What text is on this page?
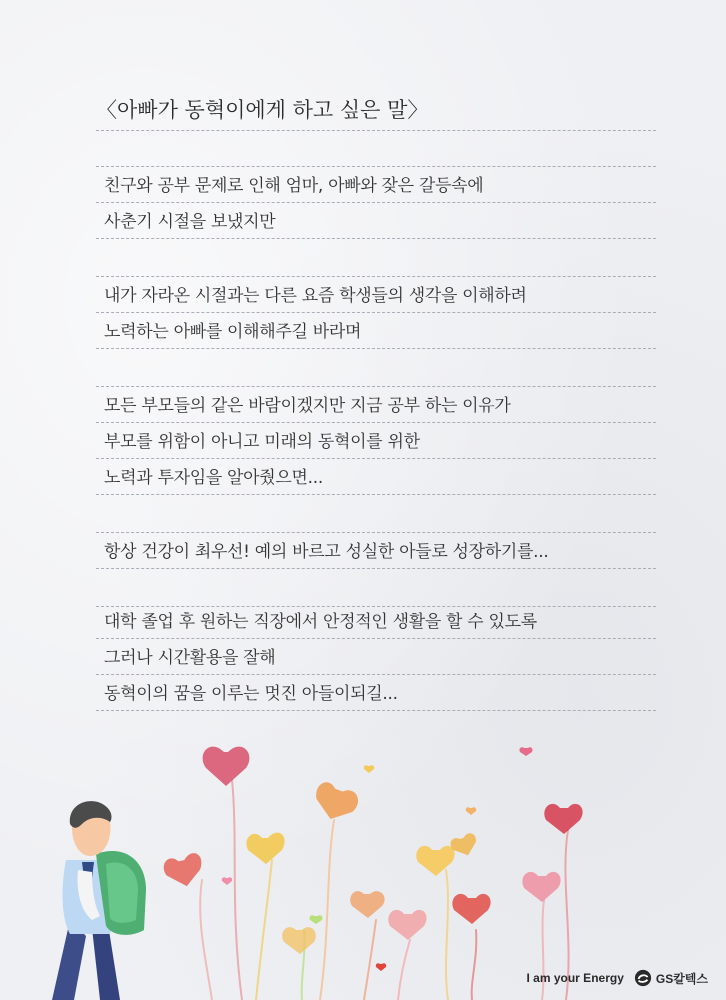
〈아빠가 동혁이에게 하고 싶은 말〉
친구와 공부 문제로 인해 엄마, 아빠와 잦은 갈등속에
사춘기 시절을 보냈지만
내가 자라온 시절과는 다른 요즘 학생들의 생각을 이해하려
노력하는 아빠를 이해해주길 바라며
모든 부모들의 같은 바람이겠지만 지금 공부 하는 이유가
부모를 위함이 아니고 미래의 동혁이를 위한
노력과 투자임을 알아줬으면...
항상 건강이 최우선! 예의 바르고 성실한 아들로 성장하기를...
대학 졸업 후 원하는 직장에서 안정적인 생활을 할 수 있도록
그러나 시간활용을 잘해
동혁이의 꿈을 이루는 멋진 아들이되길...
I am your Energy	GS칼텍스
